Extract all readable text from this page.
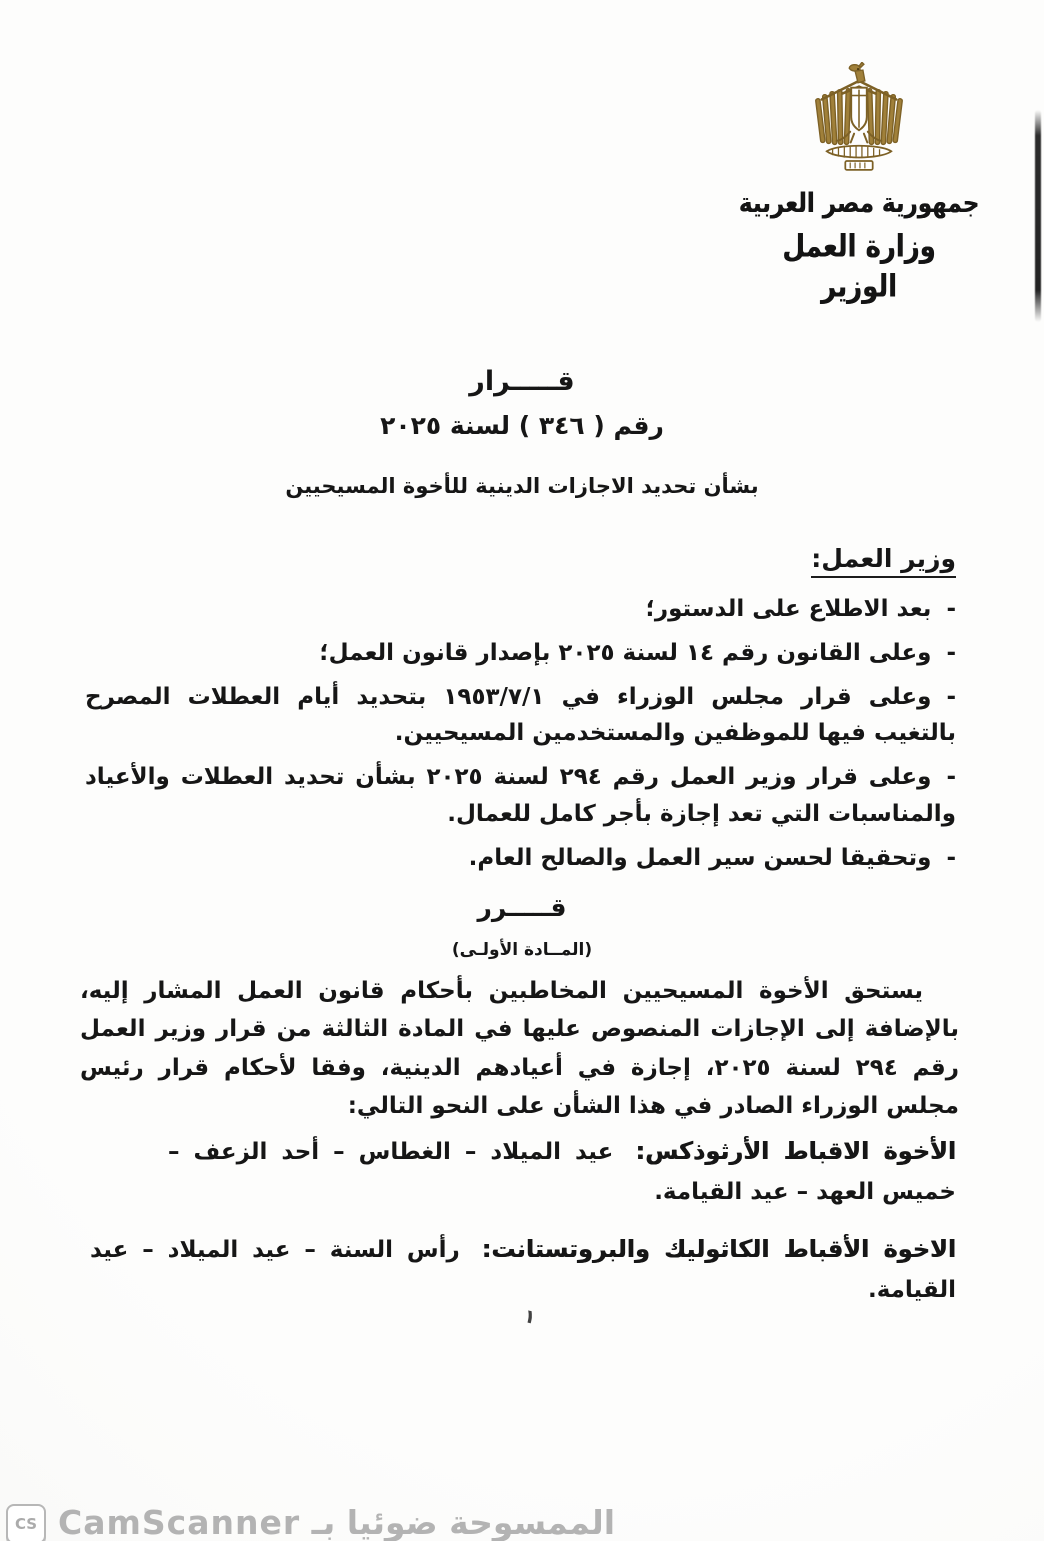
جمهورية مصر العربية
وزارة العمل
الوزير
قـــــرار
رقم ( ٣٤٦ ) لسنة ٢٠٢٥
بشأن تحديد الاجازات الدينية للأخوة المسيحيين
وزير العمل:

-بعد الاطلاع على الدستور؛

-وعلى القانون رقم ١٤ لسنة ٢٠٢٥ بإصدار قانون العمل؛

-وعلى قرار مجلس الوزراء في ١٩٥٣/٧/١ بتحديد أيام العطلات المصرح بالتغيب فيها للموظفين والمستخدمين المسيحيين.

-وعلى قرار وزير العمل رقم ٢٩٤ لسنة ٢٠٢٥ بشأن تحديد العطلات والأعياد والمناسبات التي تعد إجازة بأجر كامل للعمال.

-وتحقيقا لحسن سير العمل والصالح العام.

قـــــرر
(المــادة الأولـى)

يستحق الأخوة المسيحيين المخاطبين بأحكام قانون العمل المشار إليه، بالإضافة إلى الإجازات المنصوص عليها في المادة الثالثة من قرار وزير العمل رقم ٢٩٤ لسنة ٢٠٢٥، إجازة في أعيادهم الدينية، وفقا لأحكام قرار رئيس مجلس الوزراء الصادر في هذا الشأن على النحو التالي:

الأخوة الاقباط الأرثوذكس: عيد الميلاد – الغطاس – أحد الزعف – خميس العهد – عيد القيامة.

الاخوة الأقباط الكاثوليك والبروتستانت: رأس السنة – عيد الميلاد – عيد القيامة.

١
CS الممسوحة ضوئيا بـ CamScanner
